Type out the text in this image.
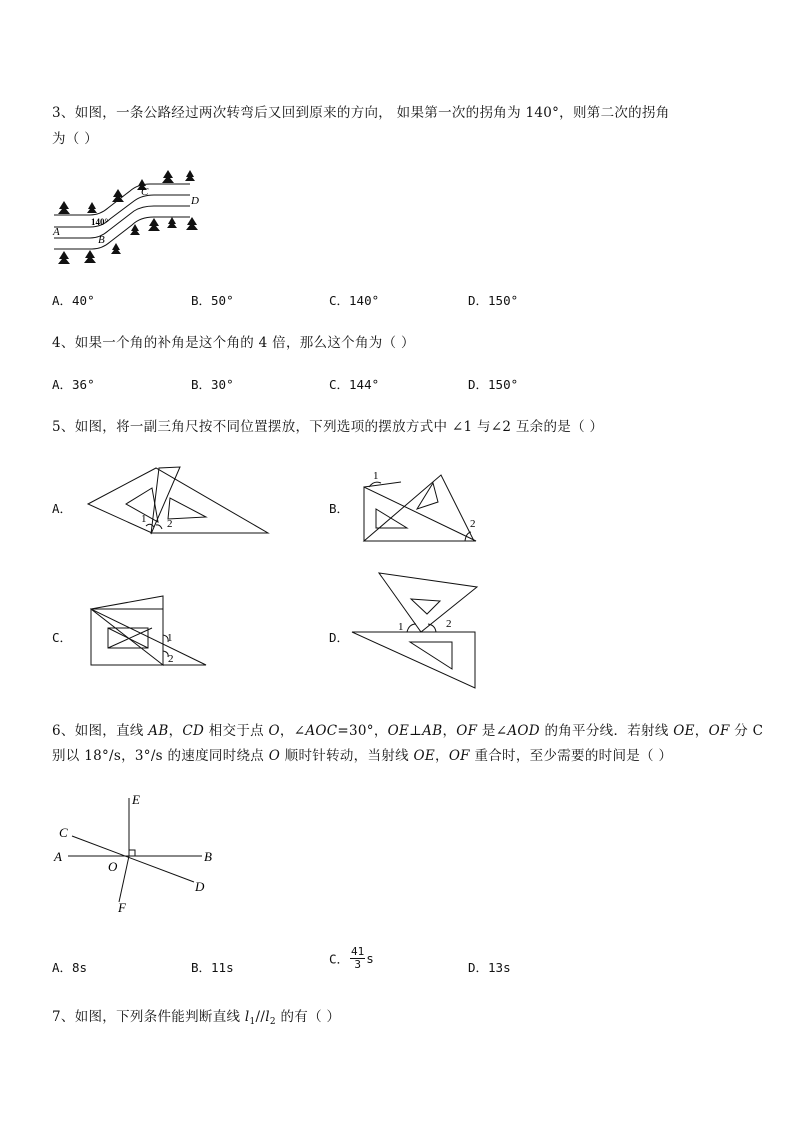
3、如图，一条公路经过两次转弯后又回到原来的方向， 如果第一次的拐角为 140°，则第二次的拐角
为（ ）
A
B
C
D
140°
A．40°	B．50°	C．140°	D．150°
4、如果一个角的补角是这个角的 4 倍，那么这个角为（ ）
A．36°	B．30°	C．144°	D．150°
5、如图，将一副三角尺按不同位置摆放，下列选项的摆放方式中 ∠1 与∠2 互余的是（ ）
A．
1 2
B．
1
2
C．	1
2
D．
1	2
6、如图，直线 AB，CD 相交于点 O，∠AOC=30°，OE⊥AB，OF 是∠AOD 的角平分线．若射线 OE，OF 分 C
别以 18°/s，3°/s 的速度同时绕点 O 顺时针转动，当射线 OE，OF 重合时，至少需要的时间是（ ）
E
C
A	B
O
D
F
A．8s	B．11s
C． $\frac{41}{3}$ s
D．13s
7、如图，下列条件能判断直线 $l_1//l_2$ 的有（ ）
